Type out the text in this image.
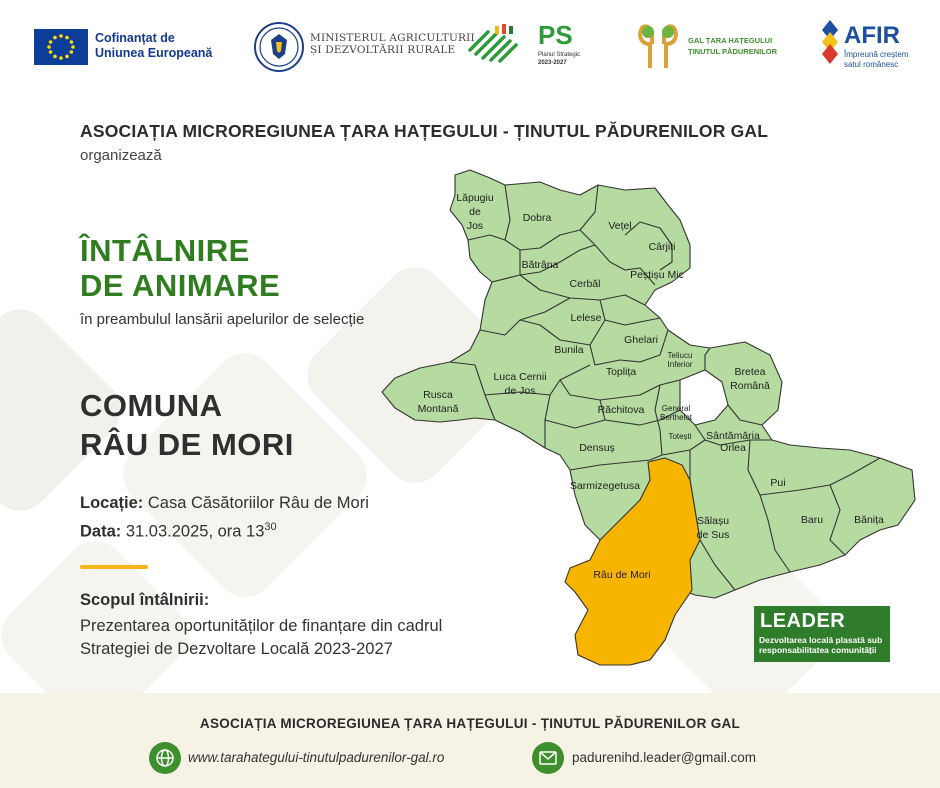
Cofinanțat de
Uniunea Europeană
MINISTERUL AGRICULTURII
ȘI DEZVOLTĂRII RURALE	PS
Planul Strategic
2023-2027
GAL ȚARA HAȚEGULUI
ȚINUTUL PĂDURENILOR
AFIR
Împreună creștem
satul românesc
ASOCIAȚIA MICROREGIUNEA ȚARA HAȚEGULUI - ȚINUTUL PĂDURENILOR GAL
organizează
ÎNTÂLNIRE
DE ANIMARE
în preambulul lansării apelurilor de selecție
COMUNA
RÂU DE MORI
Locație: Casa Căsătoriilor Râu de Mori
Data: 31.03.2025, ora $13^{30}$
Scopul întâlnirii:
Prezentarea oportunităților de finanțare din cadrul
Strategiei de Dezvoltare Locală 2023-2027
Lăpugiu
de
Jos
Dobra
Vețel
Cârjiți
Bătrâna
Peștișu Mic
Cerbăl
Lelese
Ghelari
Bunila	Teliucu
Inferior
Bretea
Română
Rusca
Montană
Luca Cernii
de Jos
Toplița
Răchitova General
Berthelot
Densuș
Totești Sântămăria
Orlea
Pui
Sarmizegetusa
Sălașu
de Sus
Baru	Bănița
Râu de Mori
LEADER
Dezvoltarea locală plasată sub
responsabilitatea comunității
ASOCIAȚIA MICROREGIUNEA ȚARA HAȚEGULUI - ȚINUTUL PĂDURENILOR GAL
www.tarahategului-tinutulpadurenilor-gal.ro	padurenihd.leader@gmail.com
